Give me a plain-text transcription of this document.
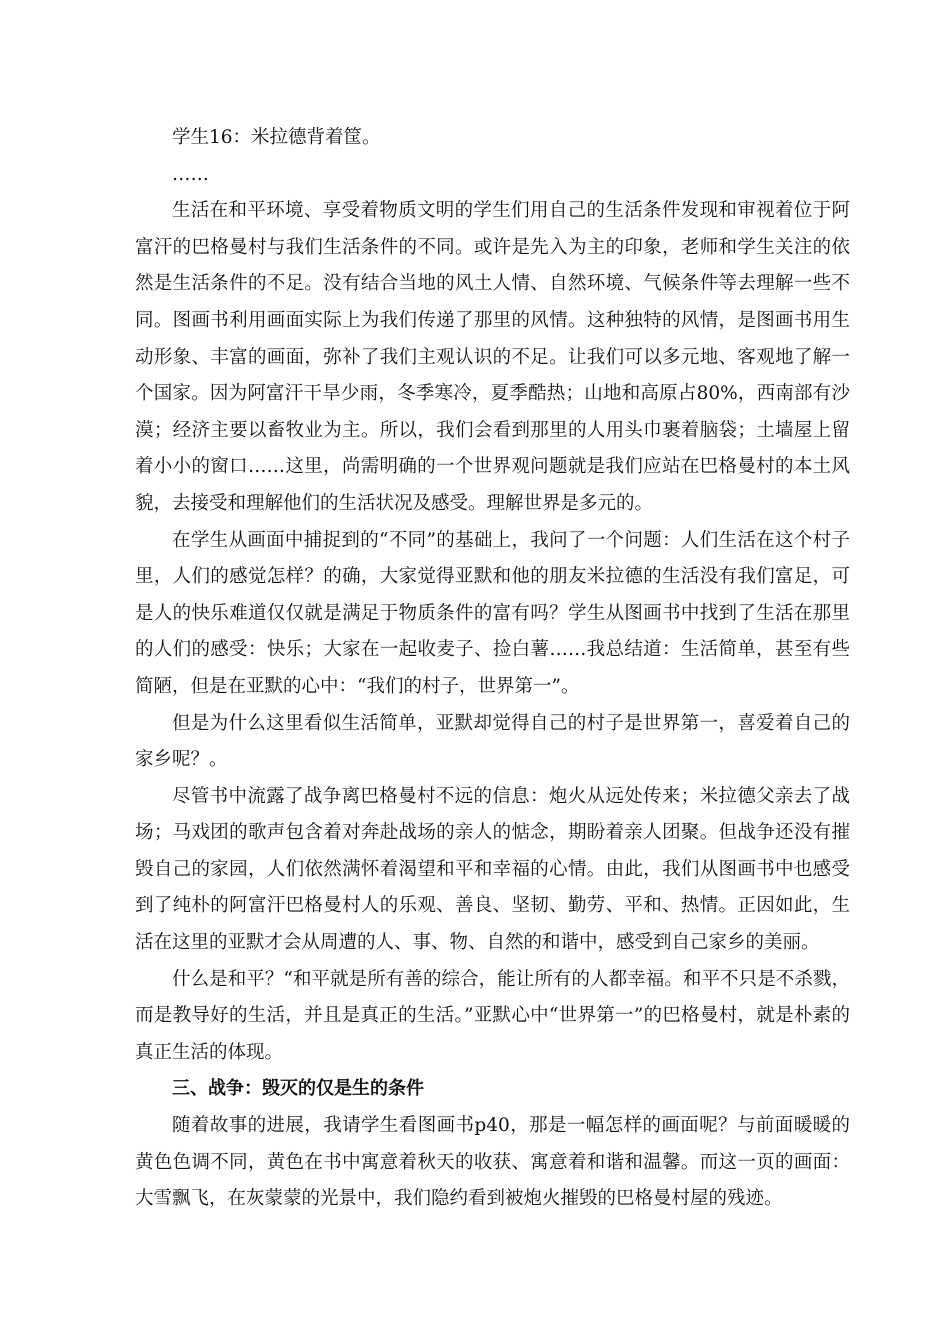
学生16：米拉德背着筐。

……

生活在和平环境、享受着物质文明的学生们用自己的生活条件发现和审视着位于阿富汗的巴格曼村与我们生活条件的不同。或许是先入为主的印象，老师和学生关注的依然是生活条件的不足。没有结合当地的风土人情、自然环境、气候条件等去理解一些不同。图画书利用画面实际上为我们传递了那里的风情。这种独特的风情，是图画书用生动形象、丰富的画面，弥补了我们主观认识的不足。让我们可以多元地、客观地了解一个国家。因为阿富汗干旱少雨，冬季寒冷，夏季酷热；山地和高原占80%，西南部有沙漠；经济主要以畜牧业为主。所以，我们会看到那里的人用头巾裹着脑袋；土墙屋上留着小小的窗口……这里，尚需明确的一个世界观问题就是我们应站在巴格曼村的本土风貌，去接受和理解他们的生活状况及感受。理解世界是多元的。

在学生从画面中捕捉到的“不同”的基础上，我问了一个问题：人们生活在这个村子里，人们的感觉怎样？的确，大家觉得亚默和他的朋友米拉德的生活没有我们富足，可是人的快乐难道仅仅就是满足于物质条件的富有吗？学生从图画书中找到了生活在那里的人们的感受：快乐；大家在一起收麦子、捡白薯……我总结道：生活简单，甚至有些简陋，但是在亚默的心中：“我们的村子，世界第一”。

但是为什么这里看似生活简单，亚默却觉得自己的村子是世界第一，喜爱着自己的家乡呢？。

尽管书中流露了战争离巴格曼村不远的信息：炮火从远处传来；米拉德父亲去了战场；马戏团的歌声包含着对奔赴战场的亲人的惦念，期盼着亲人团聚。但战争还没有摧毁自己的家园，人们依然满怀着渴望和平和幸福的心情。由此，我们从图画书中也感受到了纯朴的阿富汗巴格曼村人的乐观、善良、坚韧、勤劳、平和、热情。正因如此，生活在这里的亚默才会从周遭的人、事、物、自然的和谐中，感受到自己家乡的美丽。

什么是和平？“和平就是所有善的综合，能让所有的人都幸福。和平不只是不杀戮，而是教导好的生活，并且是真正的生活。”亚默心中“世界第一”的巴格曼村，就是朴素的真正生活的体现。

三、战争：毁灭的仅是生的条件

随着故事的进展，我请学生看图画书p40，那是一幅怎样的画面呢？与前面暖暖的黄色色调不同，黄色在书中寓意着秋天的收获、寓意着和谐和温馨。而这一页的画面：大雪飘飞，在灰蒙蒙的光景中，我们隐约看到被炮火摧毁的巴格曼村屋的残迹。
